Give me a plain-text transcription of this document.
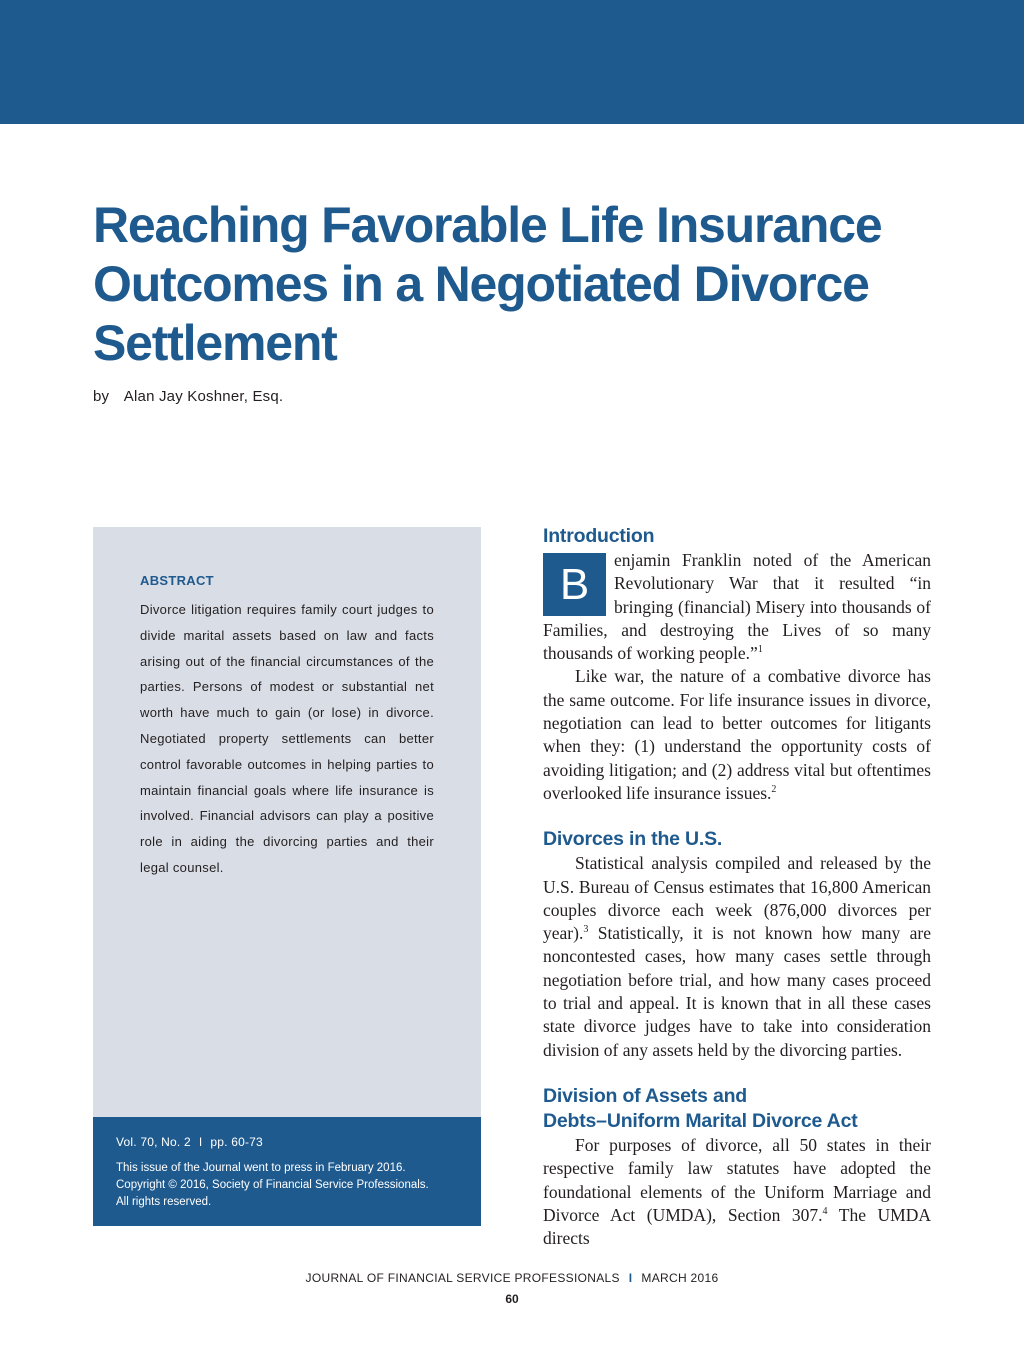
Reaching Favorable Life Insurance Outcomes in a Negotiated Divorce Settlement
by Alan Jay Koshner, Esq.
ABSTRACT

Divorce litigation requires family court judges to divide marital assets based on law and facts arising out of the financial circumstances of the parties. Persons of modest or substantial net worth have much to gain (or lose) in divorce. Negotiated property settlements can better control favorable outcomes in helping parties to maintain financial goals where life insurance is involved. Financial advisors can play a positive role in aiding the divorcing parties and their legal counsel.

Vol. 70, No. 2 I pp. 60-73

This issue of the Journal went to press in February 2016.
Copyright © 2016, Society of Financial Service Professionals.
All rights reserved.

Introduction

B	enjamin Franklin noted of the American Revolutionary War that it resulted “in bringing (financial) Misery into thousands of Families, and destroying the Lives of so many thousands of working people.”$^1$

Like war, the nature of a combative divorce has the same outcome. For life insurance issues in divorce, negotiation can lead to better outcomes for litigants when they: (1) understand the opportunity costs of avoiding litigation; and (2) address vital but oftentimes overlooked life insurance issues.$^2$

Divorces in the U.S.

Statistical analysis compiled and released by the U.S. Bureau of Census estimates that 16,800 American couples divorce each week (876,000 divorces per year).$^3$ Statistically, it is not known how many are noncontested cases, how many cases settle through negotiation before trial, and how many cases proceed to trial and appeal. It is known that in all these cases state divorce judges have to take into consideration division of any assets held by the divorcing parties.

Division of Assets and
Debts–Uniform Marital Divorce Act

For purposes of divorce, all 50 states in their respective family law statutes have adopted the foundational elements of the Uniform Marriage and Divorce Act (UMDA), Section 307.$^4$ The UMDA directs

JOURNAL OF FINANCIAL SERVICE PROFESSIONALS I MARCH 2016
60
